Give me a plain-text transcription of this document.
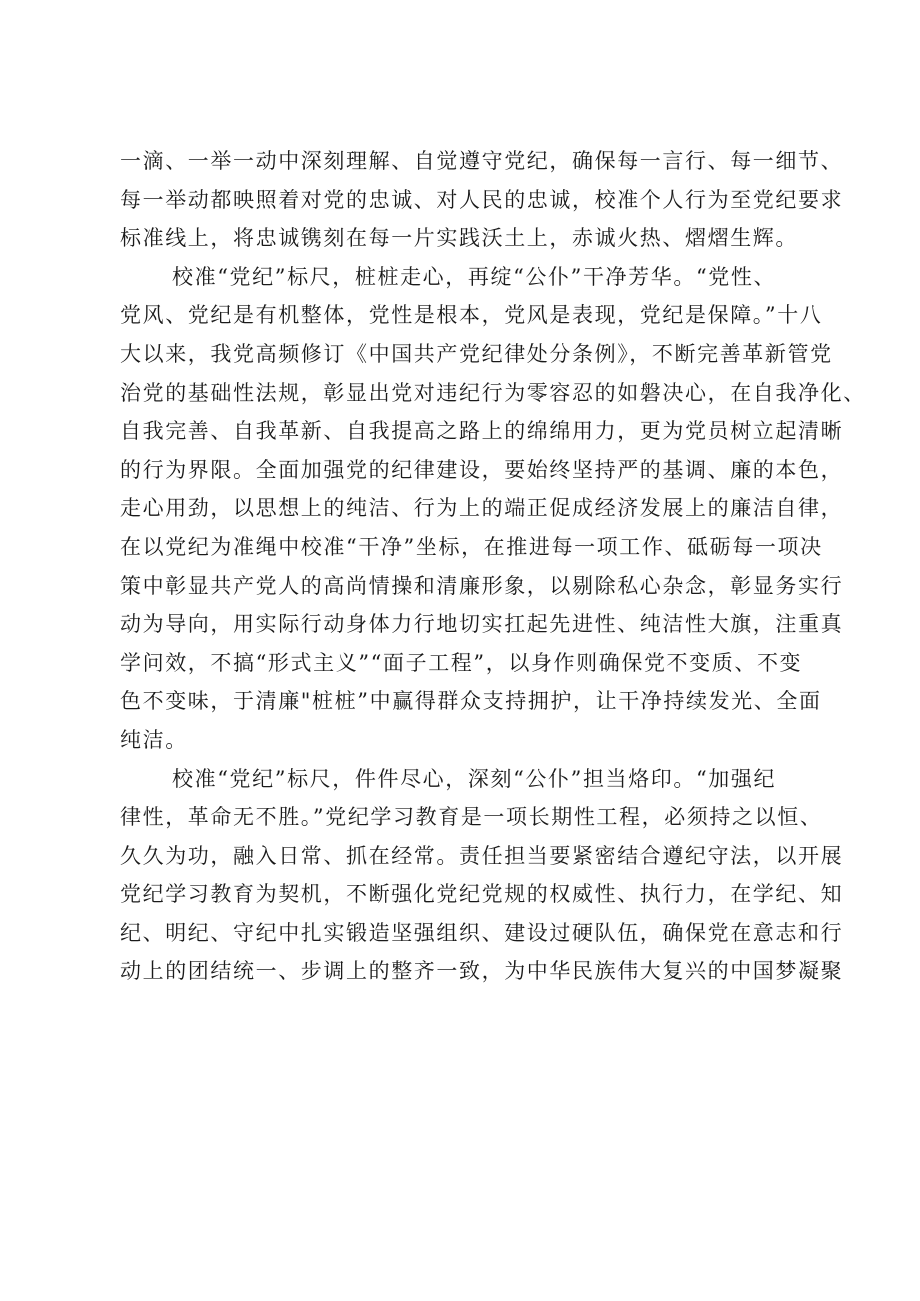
一滴、一举一动中深刻理解、自觉遵守党纪，确保每一言行、每一细节、
每一举动都映照着对党的忠诚、对人民的忠诚，校准个人行为至党纪要求
标准线上，将忠诚镌刻在每一片实践沃土上，赤诚火热、熠熠生辉。
校准“党纪”标尺，桩桩走心，再绽“公仆”干净芳华。“党性、
党风、党纪是有机整体，党性是根本，党风是表现，党纪是保障。”十八
大以来，我党高频修订《中国共产党纪律处分条例》，不断完善革新管党
治党的基础性法规，彰显出党对违纪行为零容忍的如磐决心，在自我净化、
自我完善、自我革新、自我提高之路上的绵绵用力，更为党员树立起清晰
的行为界限。全面加强党的纪律建设，要始终坚持严的基调、廉的本色，
走心用劲，以思想上的纯洁、行为上的端正促成经济发展上的廉洁自律，
在以党纪为准绳中校准“干净”坐标，在推进每一项工作、砥砺每一项决
策中彰显共产党人的高尚情操和清廉形象，以剔除私心杂念，彰显务实行
动为导向，用实际行动身体力行地切实扛起先进性、纯洁性大旗，注重真
学问效，不搞“形式主义”“面子工程”，以身作则确保党不变质、不变
色不变味，于清廉"桩桩”中赢得群众支持拥护，让干净持续发光、全面
纯洁。
校准“党纪”标尺，件件尽心，深刻“公仆”担当烙印。“加强纪
律性，革命无不胜。”党纪学习教育是一项长期性工程，必须持之以恒、
久久为功，融入日常、抓在经常。责任担当要紧密结合遵纪守法，以开展
党纪学习教育为契机，不断强化党纪党规的权威性、执行力，在学纪、知
纪、明纪、守纪中扎实锻造坚强组织、建设过硬队伍，确保党在意志和行
动上的团结统一、步调上的整齐一致，为中华民族伟大复兴的中国梦凝聚
